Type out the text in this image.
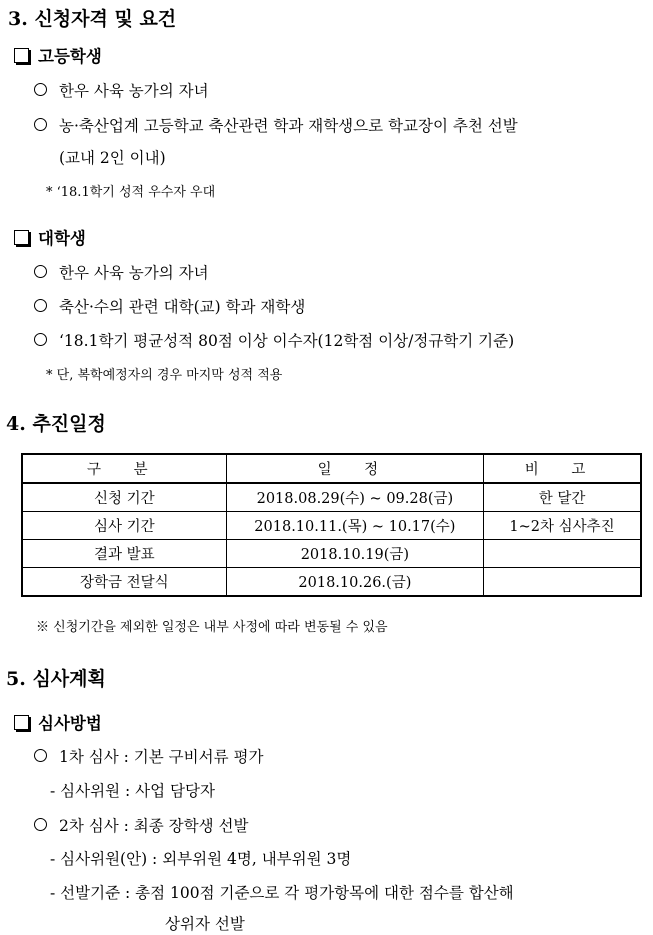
3. 신청자격 및 요건
고등학생
한우 사육 농가의 자녀
농·축산업계 고등학교 축산관련 학과 재학생으로 학교장이 추천 선발
(교내 2인 이내)
* ‘18.1학기 성적 우수자 우대
대학생
한우 사육 농가의 자녀
축산·수의 관련 대학(교) 학과 재학생
‘18.1학기 평균성적 80점 이상 이수자(12학점 이상/정규학기 기준)
* 단, 복학예정자의 경우 마지막 성적 적용
4. 추진일정
구 분	일 정	비 고
신청 기간	2018.08.29(수) ~ 09.28(금)	한 달간
심사 기간	2018.10.11.(목) ~ 10.17(수)	1~2차 심사추진
결과 발표	2018.10.19(금)	
장학금 전달식	2018.10.26.(금)	
※ 신청기간을 제외한 일정은 내부 사정에 따라 변동될 수 있음
5. 심사계획
심사방법
1차 심사 : 기본 구비서류 평가
- 심사위원 : 사업 담당자
2차 심사 : 최종 장학생 선발
- 심사위원(안) : 외부위원 4명, 내부위원 3명
- 선발기준 : 총점 100점 기준으로 각 평가항목에 대한 점수를 합산해
상위자 선발
